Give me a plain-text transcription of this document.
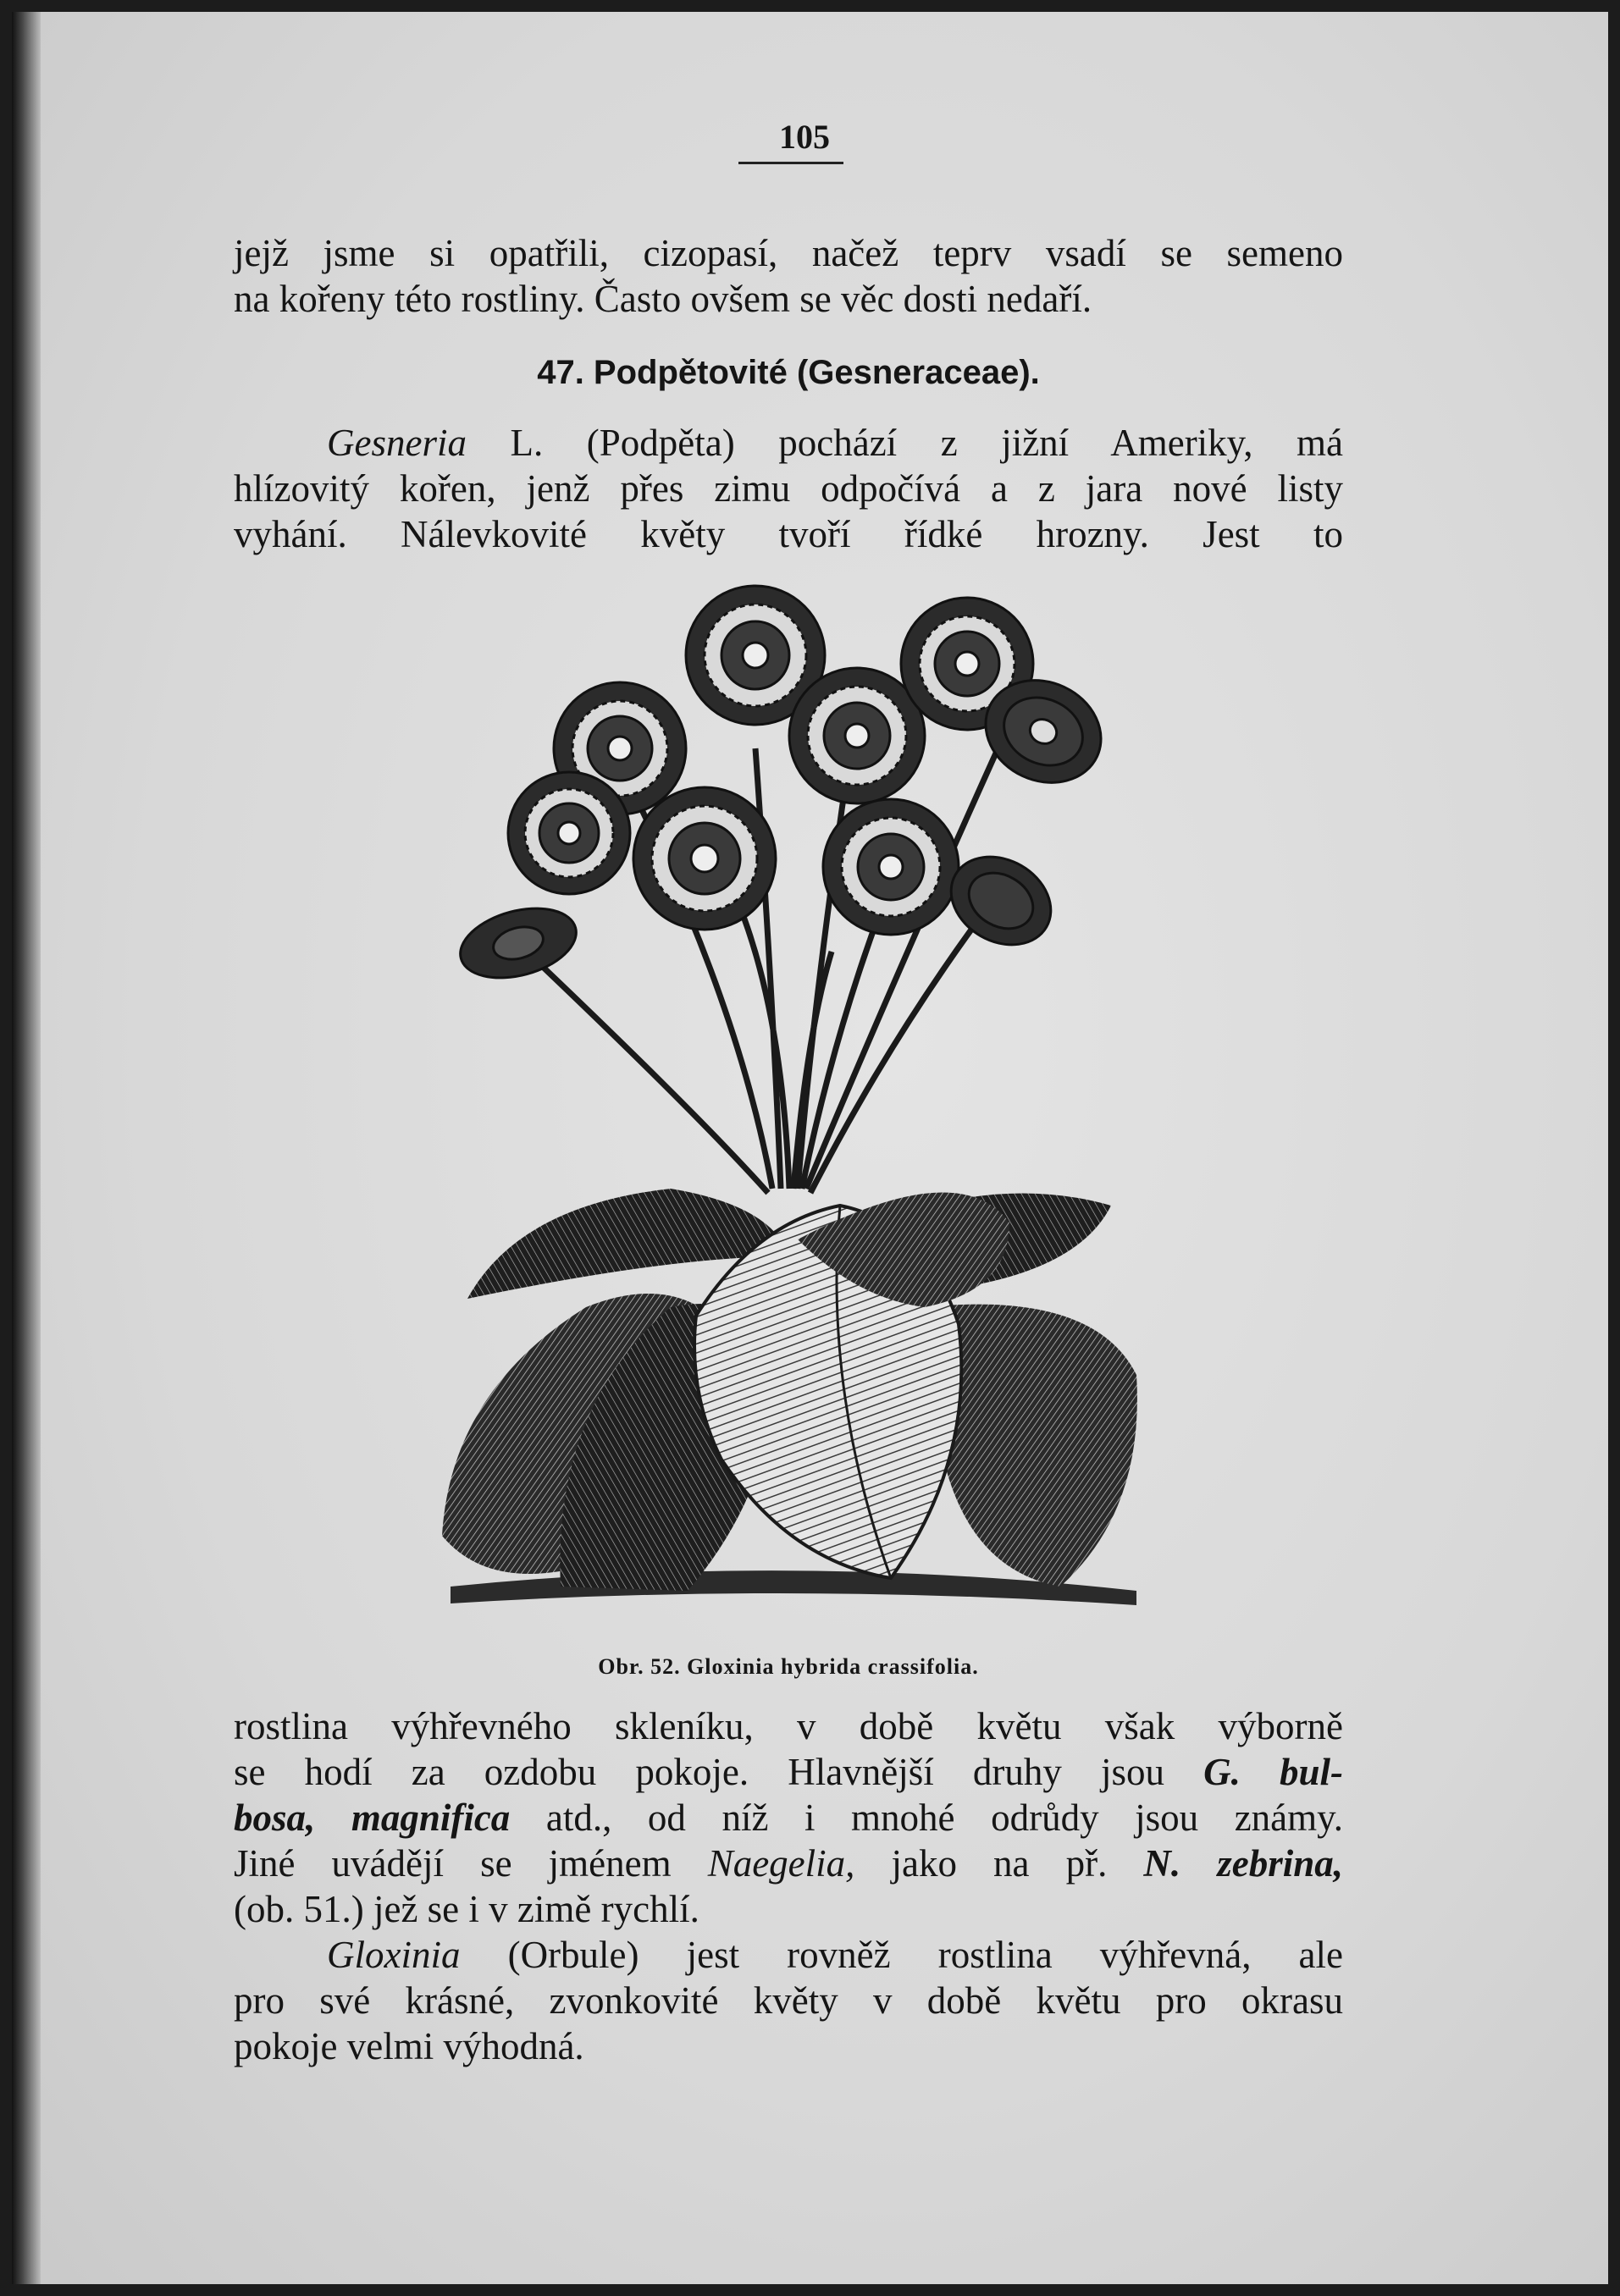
105
jejž jsme si opatřili, cizopasí, načež teprv vsadí se semeno
na kořeny této rostliny. Často ovšem se věc dosti nedaří.
47. Podpětovité (Gesneraceae).
Gesneria L. (Podpěta) pochází z jižní Ameriky, má
hlízovitý kořen, jenž přes zimu odpočívá a z jara nové listy
vyhání. Nálevkovité květy tvoří řídké hrozny. Jest to
Obr. 52. Gloxinia hybrida crassifolia.
rostlina výhřevného skleníku, v době květu však výborně
se hodí za ozdobu pokoje. Hlavnější druhy jsou G. bul-
bosa, magnifica atd., od níž i mnohé odrůdy jsou známy.
Jiné uvádějí se jménem Naegelia, jako na př. N. zebrina,
(ob. 51.) jež se i v zimě rychlí.
Gloxinia (Orbule) jest rovněž rostlina výhřevná, ale
pro své krásné, zvonkovité květy v době květu pro okrasu
pokoje velmi výhodná.
